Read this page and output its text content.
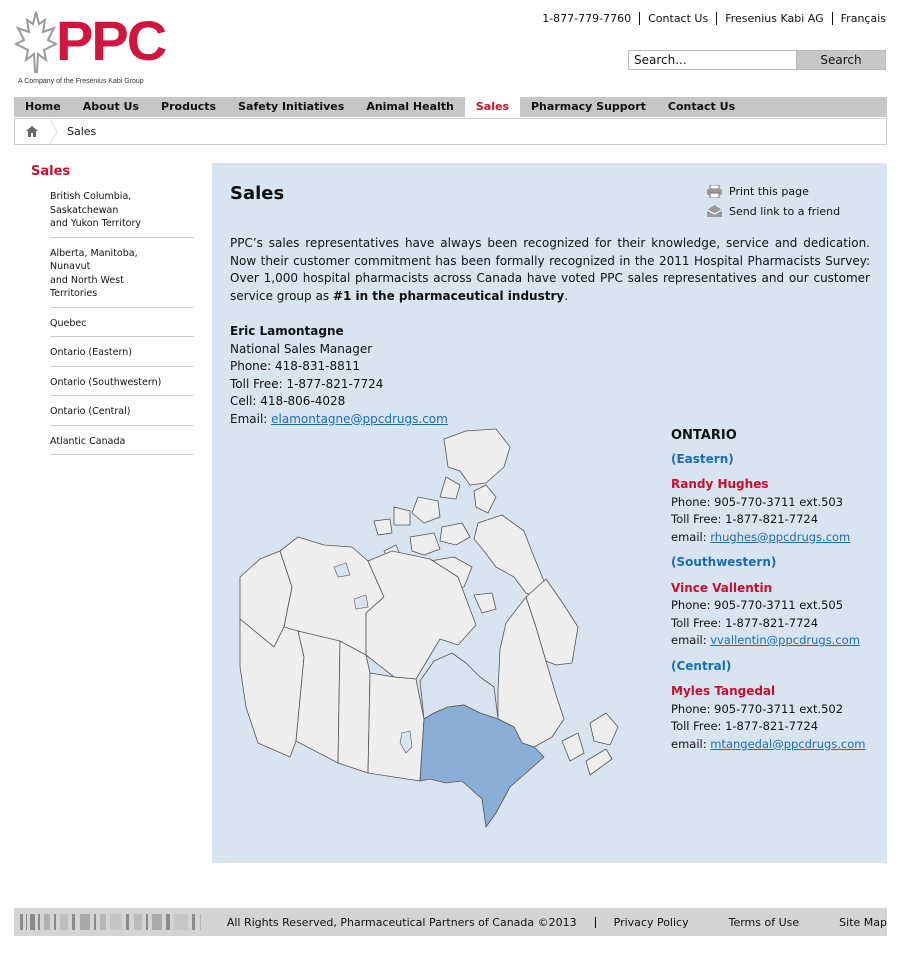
PPC
A Company of the Fresenius Kabi Group
1-877-779-7760	Contact Us	Fresenius Kabi AG	Français
Search...	Search
Home	About Us	Products	Safety Initiatives	Animal Health	Sales	Pharmacy Support	Contact Us
Sales
Sales
British Columbia,
Saskatchewan
and Yukon Territory
Alberta, Manitoba,
Nunavut
and North West
Territories
Quebec
Ontario (Eastern)
Ontario (Southwestern)
Ontario (Central)
Atlantic Canada
Sales	Print this page
Send link to a friend

PPC’s sales representatives have always been recognized for their knowledge, service and dedication. Now their customer commitment has been formally recognized in the 2011 Hospital Pharmacists Survey: Over 1,000 hospital pharmacists across Canada have voted PPC sales representatives and our customer service group as #1 in the pharmaceutical industry.

Eric Lamontagne
National Sales Manager
Phone: 418-831-8811
Toll Free: 1-877-821-7724
Cell: 418-806-4028
Email: elamontagne@ppcdrugs.com
ONTARIO
(Eastern)
Randy Hughes
Phone: 905-770-3711 ext.503
Toll Free: 1-877-821-7724
email: rhughes@ppcdrugs.com
(Southwestern)
Vince Vallentin
Phone: 905-770-3711 ext.505
Toll Free: 1-877-821-7724
email: vvallentin@ppcdrugs.com
(Central)
Myles Tangedal
Phone: 905-770-3711 ext.502
Toll Free: 1-877-821-7724
email: mtangedal@ppcdrugs.com
All Rights Reserved, Pharmaceutical Partners of Canada ©2013	Privacy Policy	Terms of Use	Site Map
